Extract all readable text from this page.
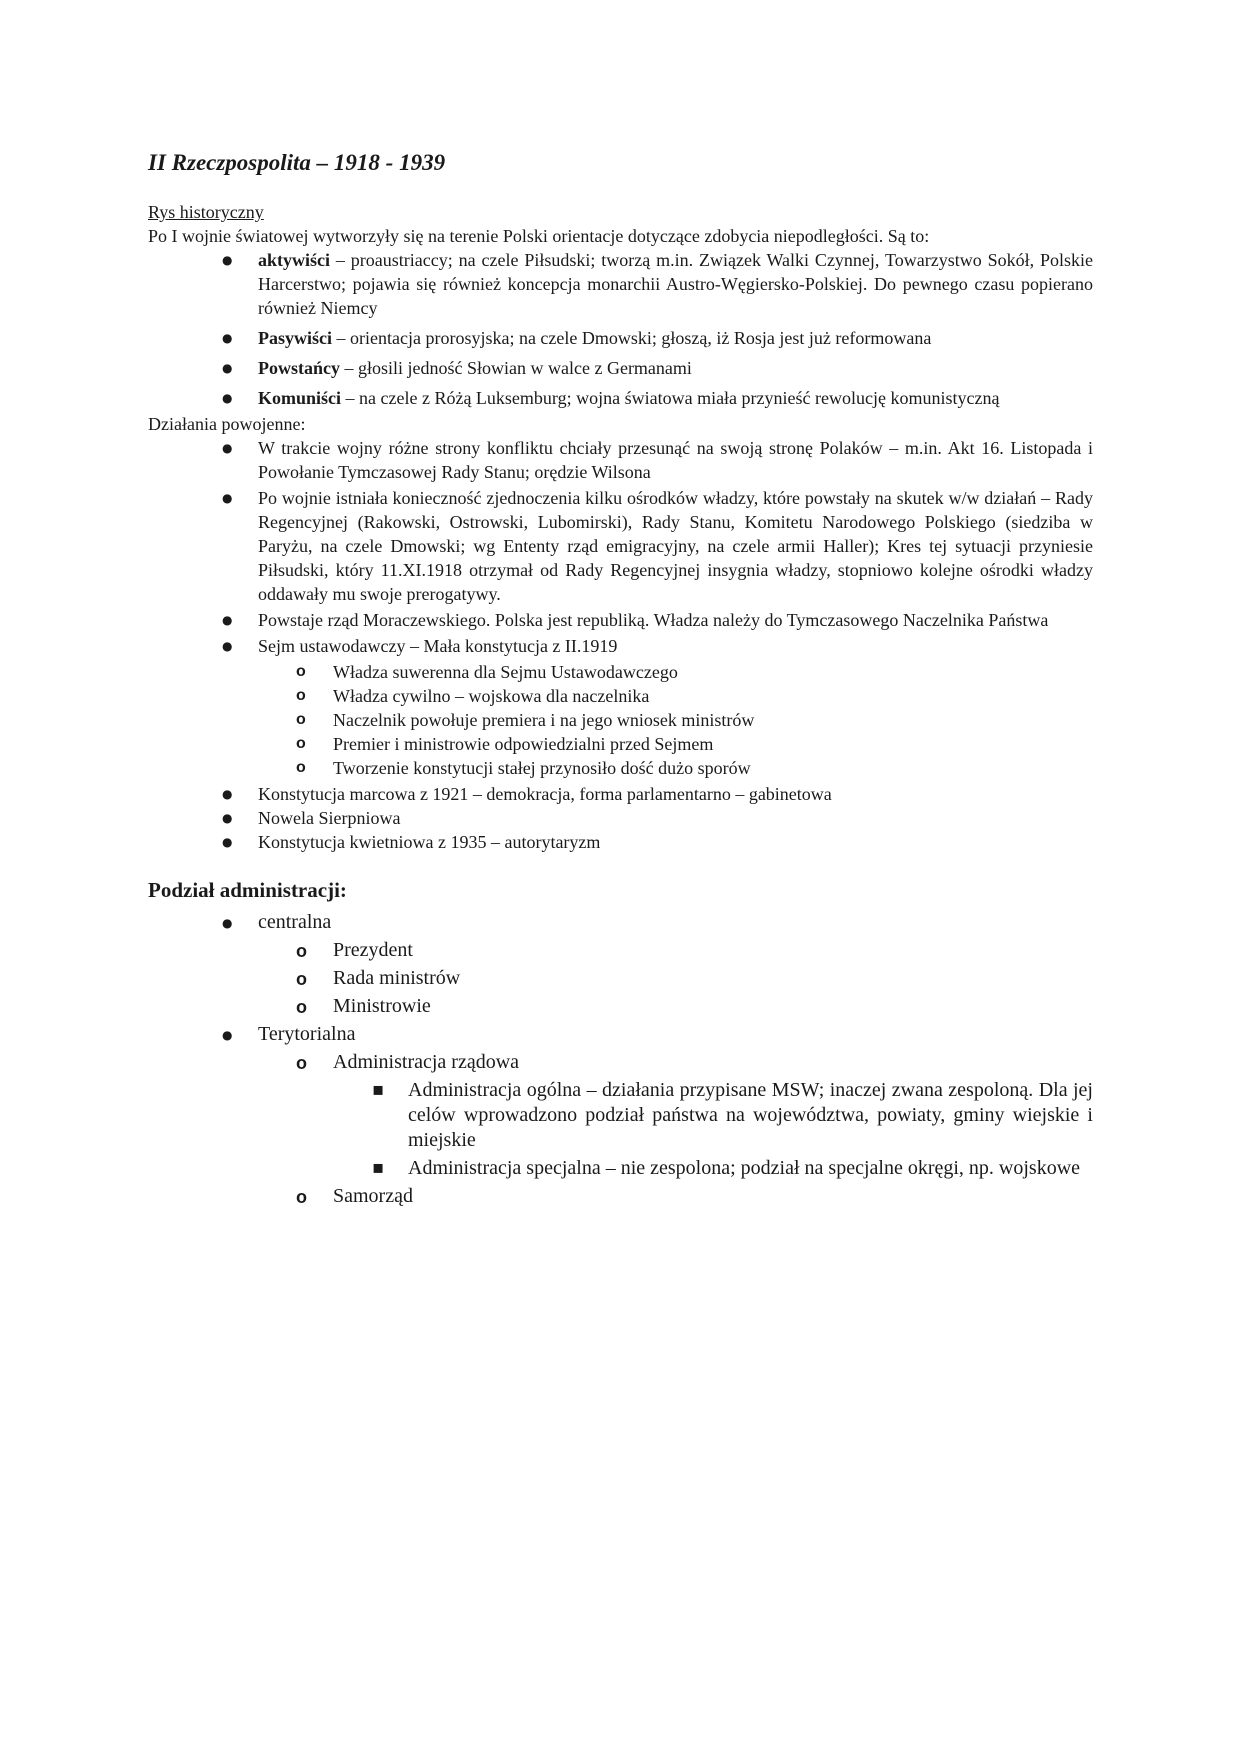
II Rzeczpospolita – 1918 - 1939
Rys historyczny
Po I wojnie światowej wytworzyły się na terenie Polski orientacje dotyczące zdobycia niepodległości. Są to:
● aktywiści – proaustriaccy; na czele Piłsudski; tworzą m.in. Związek Walki Czynnej, Towarzystwo Sokół, Polskie Harcerstwo; pojawia się również koncepcja monarchii Austro-Węgiersko-Polskiej. Do pewnego czasu popierano również Niemcy
● Pasywiści – orientacja prorosyjska; na czele Dmowski; głoszą, iż Rosja jest już reformowana
● Powstańcy – głosili jedność Słowian w walce z Germanami
● Komuniści – na czele z Różą Luksemburg; wojna światowa miała przynieść rewolucję komunistyczną
Działania powojenne:
● W trakcie wojny różne strony konfliktu chciały przesunąć na swoją stronę Polaków – m.in. Akt 16. Listopada i Powołanie Tymczasowej Rady Stanu; orędzie Wilsona
● Po wojnie istniała konieczność zjednoczenia kilku ośrodków władzy, które powstały na skutek w/w działań – Rady Regencyjnej (Rakowski, Ostrowski, Lubomirski), Rady Stanu, Komitetu Narodowego Polskiego (siedziba w Paryżu, na czele Dmowski; wg Ententy rząd emigracyjny, na czele armii Haller); Kres tej sytuacji przyniesie Piłsudski, który 11.XI.1918 otrzymał od Rady Regencyjnej insygnia władzy, stopniowo kolejne ośrodki władzy oddawały mu swoje prerogatywy.
● Powstaje rząd Moraczewskiego. Polska jest republiką. Władza należy do Tymczasowego Naczelnika Państwa
● Sejm ustawodawczy – Mała konstytucja z II.1919
o Władza suwerenna dla Sejmu Ustawodawczego
o Władza cywilno – wojskowa dla naczelnika
o Naczelnik powołuje premiera i na jego wniosek ministrów
o Premier i ministrowie odpowiedzialni przed Sejmem
o Tworzenie konstytucji stałej przynosiło dość dużo sporów
● Konstytucja marcowa z 1921 – demokracja, forma parlamentarno – gabinetowa
● Nowela Sierpniowa
● Konstytucja kwietniowa z 1935 – autorytaryzm
Podział administracji:
● centralna
o Prezydent
o Rada ministrów
o Ministrowie
● Terytorialna
o Administracja rządowa
▪ Administracja ogólna – działania przypisane MSW; inaczej zwana zespoloną. Dla jej celów wprowadzono podział państwa na województwa, powiaty, gminy wiejskie i miejskie
▪ Administracja specjalna – nie zespolona; podział na specjalne okręgi, np. wojskowe
o Samorząd
